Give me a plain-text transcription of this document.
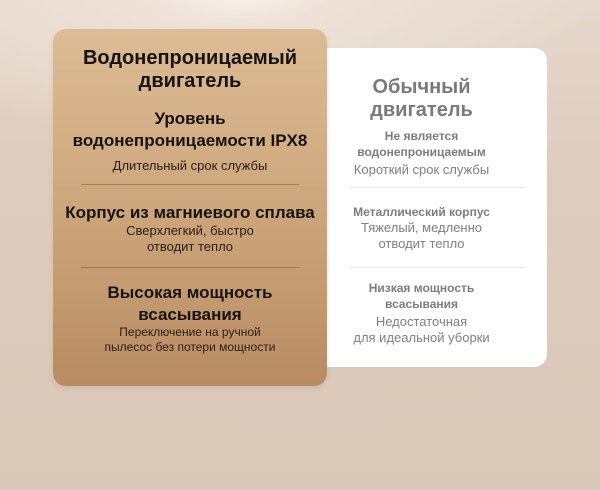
Обычный
двигатель
Не является
водонепроницаемым
Короткий срок службы
Металлический корпус
Тяжелый, медленно
отводит тепло
Низкая мощность
всасывания
Недостаточная
для идеальной уборки
Водонепроницаемый
двигатель
Уровень
водонепроницаемости IPX8
Длительный срок службы
Корпус из магниевого сплава
Сверхлегкий, быстро
отводит тепло
Высокая мощность
всасывания
Переключение на ручной
пылесос без потери мощности
